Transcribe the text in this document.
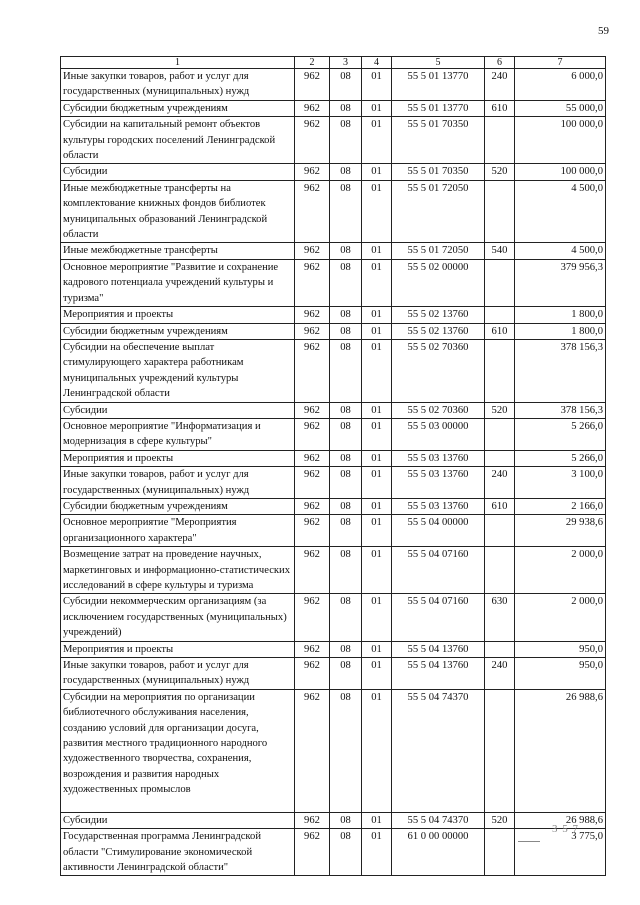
59
1	2	3	4	5	6	7
Иные закупки товаров, работ и услуг для государственных (муниципальных) нужд	962	08	01	55 5 01 13770	240	6 000,0
Субсидии бюджетным учреждениям	962	08	01	55 5 01 13770	610	55 000,0
Субсидии на капитальный ремонт объектов культуры городских поселений Ленинградской области	962	08	01	55 5 01 70350		100 000,0
Субсидии	962	08	01	55 5 01 70350	520	100 000,0
Иные межбюджетные трансферты на комплектование книжных фондов библиотек муниципальных образований Ленинградской области	962	08	01	55 5 01 72050		4 500,0
Иные межбюджетные трансферты	962	08	01	55 5 01 72050	540	4 500,0
Основное мероприятие "Развитие и сохранение кадрового потенциала учреждений культуры и туризма"	962	08	01	55 5 02 00000		379 956,3
Мероприятия и проекты	962	08	01	55 5 02 13760		1 800,0
Субсидии бюджетным учреждениям	962	08	01	55 5 02 13760	610	1 800,0
Субсидии на обеспечение выплат стимулирующего характера работникам муниципальных учреждений культуры Ленинградской области	962	08	01	55 5 02 70360		378 156,3
Субсидии	962	08	01	55 5 02 70360	520	378 156,3
Основное мероприятие "Информатизация и модернизация в сфере культуры"	962	08	01	55 5 03 00000		5 266,0
Мероприятия и проекты	962	08	01	55 5 03 13760		5 266,0
Иные закупки товаров, работ и услуг для государственных (муниципальных) нужд	962	08	01	55 5 03 13760	240	3 100,0
Субсидии бюджетным учреждениям	962	08	01	55 5 03 13760	610	2 166,0
Основное мероприятие "Мероприятия организационного характера"	962	08	01	55 5 04 00000		29 938,6
Возмещение затрат на проведение научных, маркетинговых и информационно-статистических исследований в сфере культуры и туризма	962	08	01	55 5 04 07160		2 000,0
Субсидии некоммерческим организациям (за исключением государственных (муниципальных) учреждений)	962	08	01	55 5 04 07160	630	2 000,0
Мероприятия и проекты	962	08	01	55 5 04 13760		950,0
Иные закупки товаров, работ и услуг для государственных (муниципальных) нужд	962	08	01	55 5 04 13760	240	950,0
Субсидии на мероприятия по организации библиотечного обслуживания населения, созданию условий для организации досуга, развития местного традиционного народного художественного творчества, сохранения, возрождения и развития народных художественных промыслов	962	08	01	55 5 04 74370		26 988,6
Субсидии	962	08	01	55 5 04 74370	520	26 988,6
Государственная программа Ленинградской области "Стимулирование экономической активности Ленинградской области"	962	08	01	61 0 00 00000		3 775,0
3 5 7
